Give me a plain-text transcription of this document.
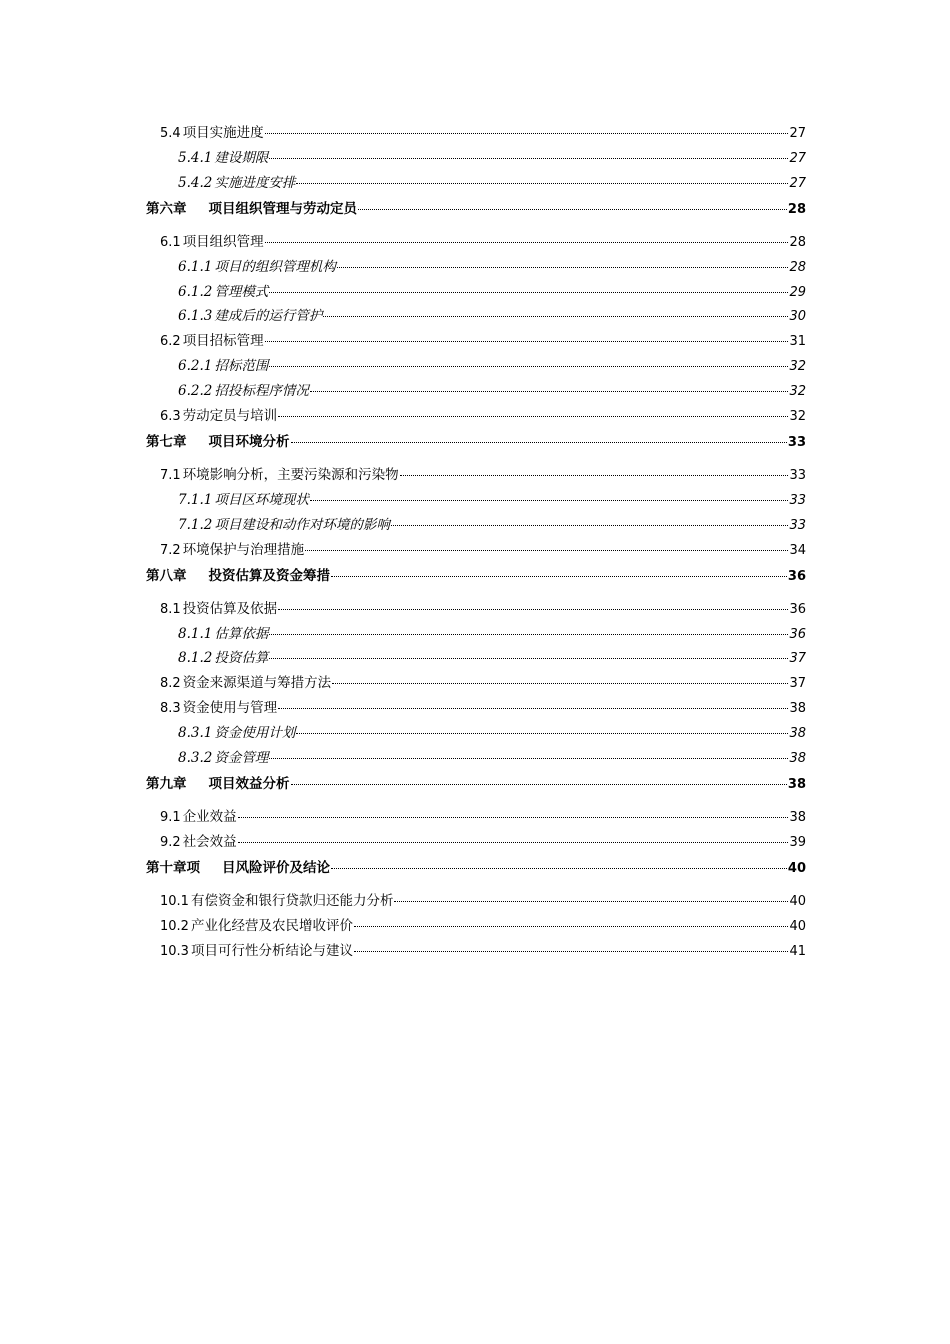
5.4 项目实施进度	27
5.4.1 建设期限	27
5.4.2 实施进度安排	27
第六章 项目组织管理与劳动定员	28
6.1 项目组织管理	28
6.1.1 项目的组织管理机构	28
6.1.2 管理模式	29
6.1.3 建成后的运行管护	30
6.2 项目招标管理	31
6.2.1 招标范围	32
6.2.2 招投标程序情况	32
6.3 劳动定员与培训	32
第七章 项目环境分析	33
7.1 环境影响分析，主要污染源和污染物	33
7.1.1 项目区环境现状	33
7.1.2 项目建设和动作对环境的影响	33
7.2 环境保护与治理措施	34
第八章 投资估算及资金筹措	36
8.1 投资估算及依据	36
8.1.1 估算依据	36
8.1.2 投资估算	37
8.2 资金来源渠道与筹措方法	37
8.3 资金使用与管理	38
8.3.1 资金使用计划	38
8.3.2 资金管理	38
第九章 项目效益分析	38
9.1 企业效益	38
9.2 社会效益	39
第十章项 目风险评价及结论	40
10.1 有偿资金和银行贷款归还能力分析	40
10.2 产业化经营及农民增收评价	40
10.3 项目可行性分析结论与建议	41
